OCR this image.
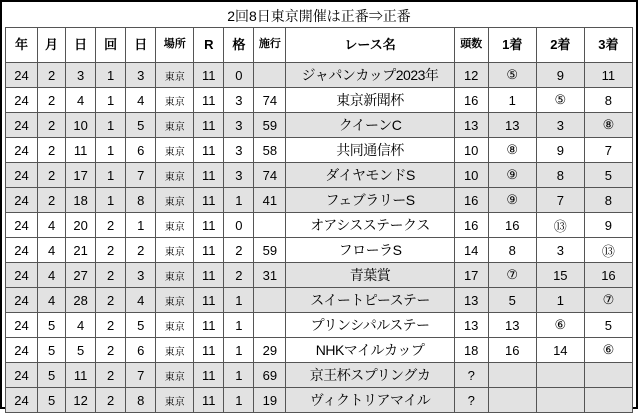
2回8日東京開催は正番⇒正番
年	月	日	回	日	場所	R	格	施行	レース名	頭数	1着	2着	3着
24	2	3	1	3	東京	11	0		ジャパンカップ2023年	12	⑤	9	11
24	2	4	1	4	東京	11	3	74	東京新聞杯	16	1	⑤	8
24	2	10	1	5	東京	11	3	59	クイーンC	13	13	3	⑧
24	2	11	1	6	東京	11	3	58	共同通信杯	10	⑧	9	7
24	2	17	1	7	東京	11	3	74	ダイヤモンドS	10	⑨	8	5
24	2	18	1	8	東京	11	1	41	フェブラリーS	16	⑨	7	8
24	4	20	2	1	東京	11	0		オアシスステークス	16	16	⑬	9
24	4	21	2	2	東京	11	2	59	フローラS	14	8	3	⑬
24	4	27	2	3	東京	11	2	31	青葉賞	17	⑦	15	16
24	4	28	2	4	東京	11	1		スイートピーステー	13	5	1	⑦
24	5	4	2	5	東京	11	1		プリンシパルステー	13	13	⑥	5
24	5	5	2	6	東京	11	1	29	NHKマイルカップ	18	16	14	⑥
24	5	11	2	7	東京	11	1	69	京王杯スプリングカ	?			
24	5	12	2	8	東京	11	1	19	ヴィクトリアマイル	?			
